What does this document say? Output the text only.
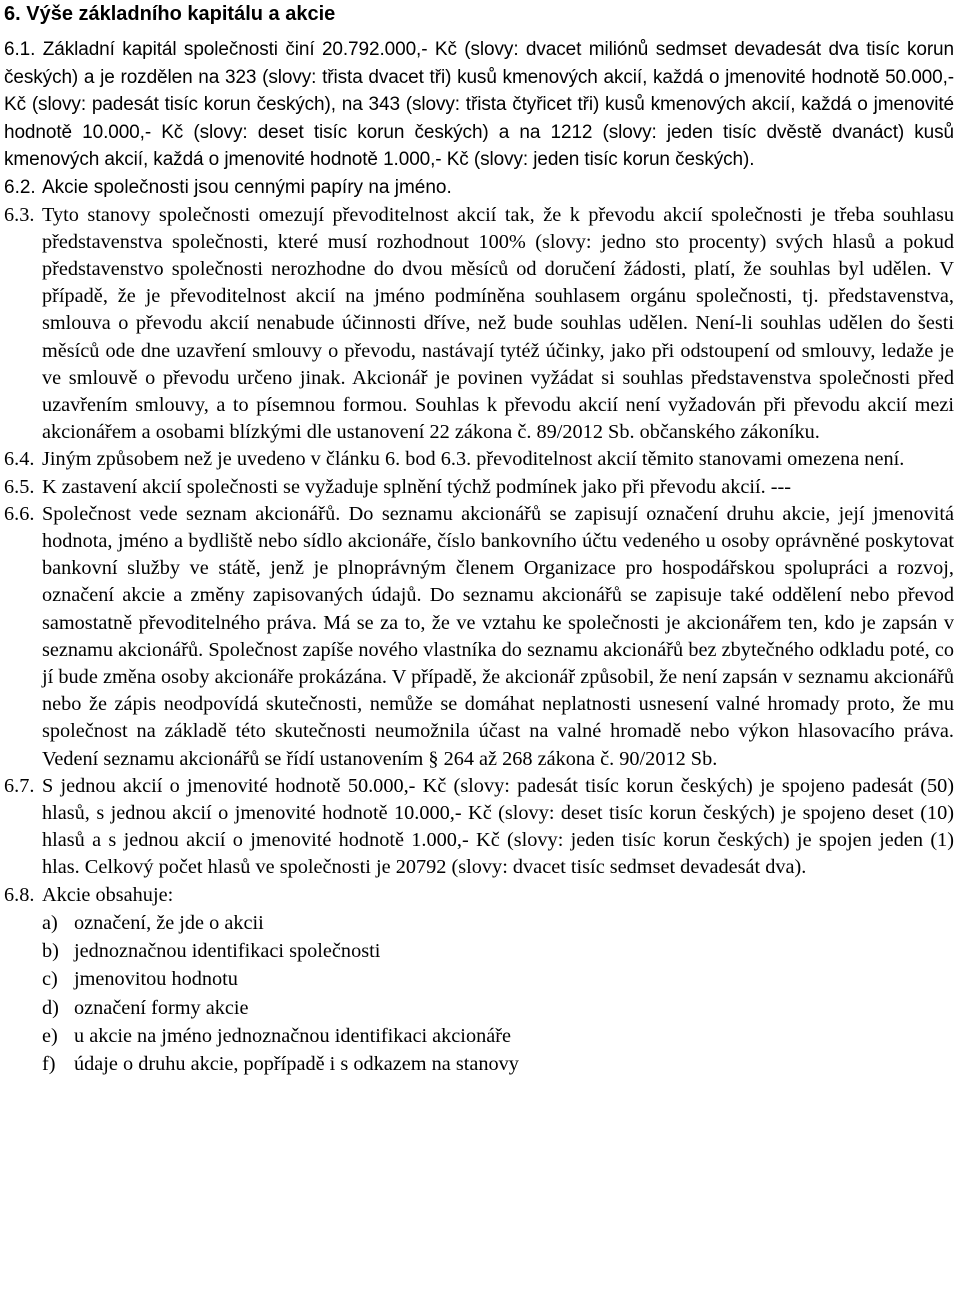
6. Výše základního kapitálu a akcie

6.1. Základní kapitál společnosti činí 20.792.000,- Kč (slovy: dvacet miliónů sedmset devadesát dva tisíc korun českých) a je rozdělen na 323 (slovy: třista dvacet tři) kusů kmenových akcií, každá o jmenovité hodnotě 50.000,- Kč (slovy: padesát tisíc korun českých), na 343 (slovy: třista čtyřicet tři) kusů kmenových akcií, každá o jmenovité hodnotě 10.000,- Kč (slovy: deset tisíc korun českých) a na 1212 (slovy: jeden tisíc dvěstě dvanáct) kusů kmenových akcií, každá o jmenovité hodnotě 1.000,- Kč (slovy: jeden tisíc korun českých).

6.2. Akcie společnosti jsou cennými papíry na jméno.
6.3. Tyto stanovy společnosti omezují převoditelnost akcií tak, že k převodu akcií společnosti je třeba souhlasu představenstva společnosti, které musí rozhodnout 100% (slovy: jedno sto procenty) svých hlasů a pokud představenstvo společnosti nerozhodne do dvou měsíců od doručení žádosti, platí, že souhlas byl udělen. V případě, že je převoditelnost akcií na jméno podmíněna souhlasem orgánu společnosti, tj. představenstva, smlouva o převodu akcií nenabude účinnosti dříve, než bude souhlas udělen. Není-li souhlas udělen do šesti měsíců ode dne uzavření smlouvy o převodu, nastávají tytéž účinky, jako při odstoupení od smlouvy, ledaže je ve smlouvě o převodu určeno jinak. Akcionář je povinen vyžádat si souhlas představenstva společnosti před uzavřením smlouvy, a to písemnou formou. Souhlas k převodu akcií není vyžadován při převodu akcií mezi akcionářem a osobami blízkými dle ustanovení 22 zákona č. 89/2012 Sb. občanského zákoníku.
6.4. Jiným způsobem než je uvedeno v článku 6. bod 6.3. převoditelnost akcií těmito stanovami omezena není.
6.5. K zastavení akcií společnosti se vyžaduje splnění týchž podmínek jako při převodu akcií. ---
6.6. Společnost vede seznam akcionářů. Do seznamu akcionářů se zapisují označení druhu akcie, její jmenovitá hodnota, jméno a bydliště nebo sídlo akcionáře, číslo bankovního účtu vedeného u osoby oprávněné poskytovat bankovní služby ve státě, jenž je plnoprávným členem Organizace pro hospodářskou spolupráci a rozvoj, označení akcie a změny zapisovaných údajů. Do seznamu akcionářů se zapisuje také oddělení nebo převod samostatně převoditelného práva. Má se za to, že ve vztahu ke společnosti je akcionářem ten, kdo je zapsán v seznamu akcionářů. Společnost zapíše nového vlastníka do seznamu akcionářů bez zbytečného odkladu poté, co jí bude změna osoby akcionáře prokázána. V případě, že akcionář způsobil, že není zapsán v seznamu akcionářů nebo že zápis neodpovídá skutečnosti, nemůže se domáhat neplatnosti usnesení valné hromady proto, že mu společnost na základě této skutečnosti neumožnila účast na valné hromadě nebo výkon hlasovacího práva. Vedení seznamu akcionářů se řídí ustanovením § 264 až 268 zákona č. 90/2012 Sb.
6.7. S jednou akcií o jmenovité hodnotě 50.000,- Kč (slovy: padesát tisíc korun českých) je spojeno padesát (50) hlasů, s jednou akcií o jmenovité hodnotě 10.000,- Kč (slovy: deset tisíc korun českých) je spojeno deset (10) hlasů a s jednou akcií o jmenovité hodnotě 1.000,- Kč (slovy: jeden tisíc korun českých) je spojen jeden (1) hlas. Celkový počet hlasů ve společnosti je 20792 (slovy: dvacet tisíc sedmset devadesát dva).
6.8. Akcie obsahuje:
a) označení, že jde o akcii
b) jednoznačnou identifikaci společnosti
c) jmenovitou hodnotu
d) označení formy akcie
e) u akcie na jméno jednoznačnou identifikaci akcionáře
f) údaje o druhu akcie, popřípadě i s odkazem na stanovy
